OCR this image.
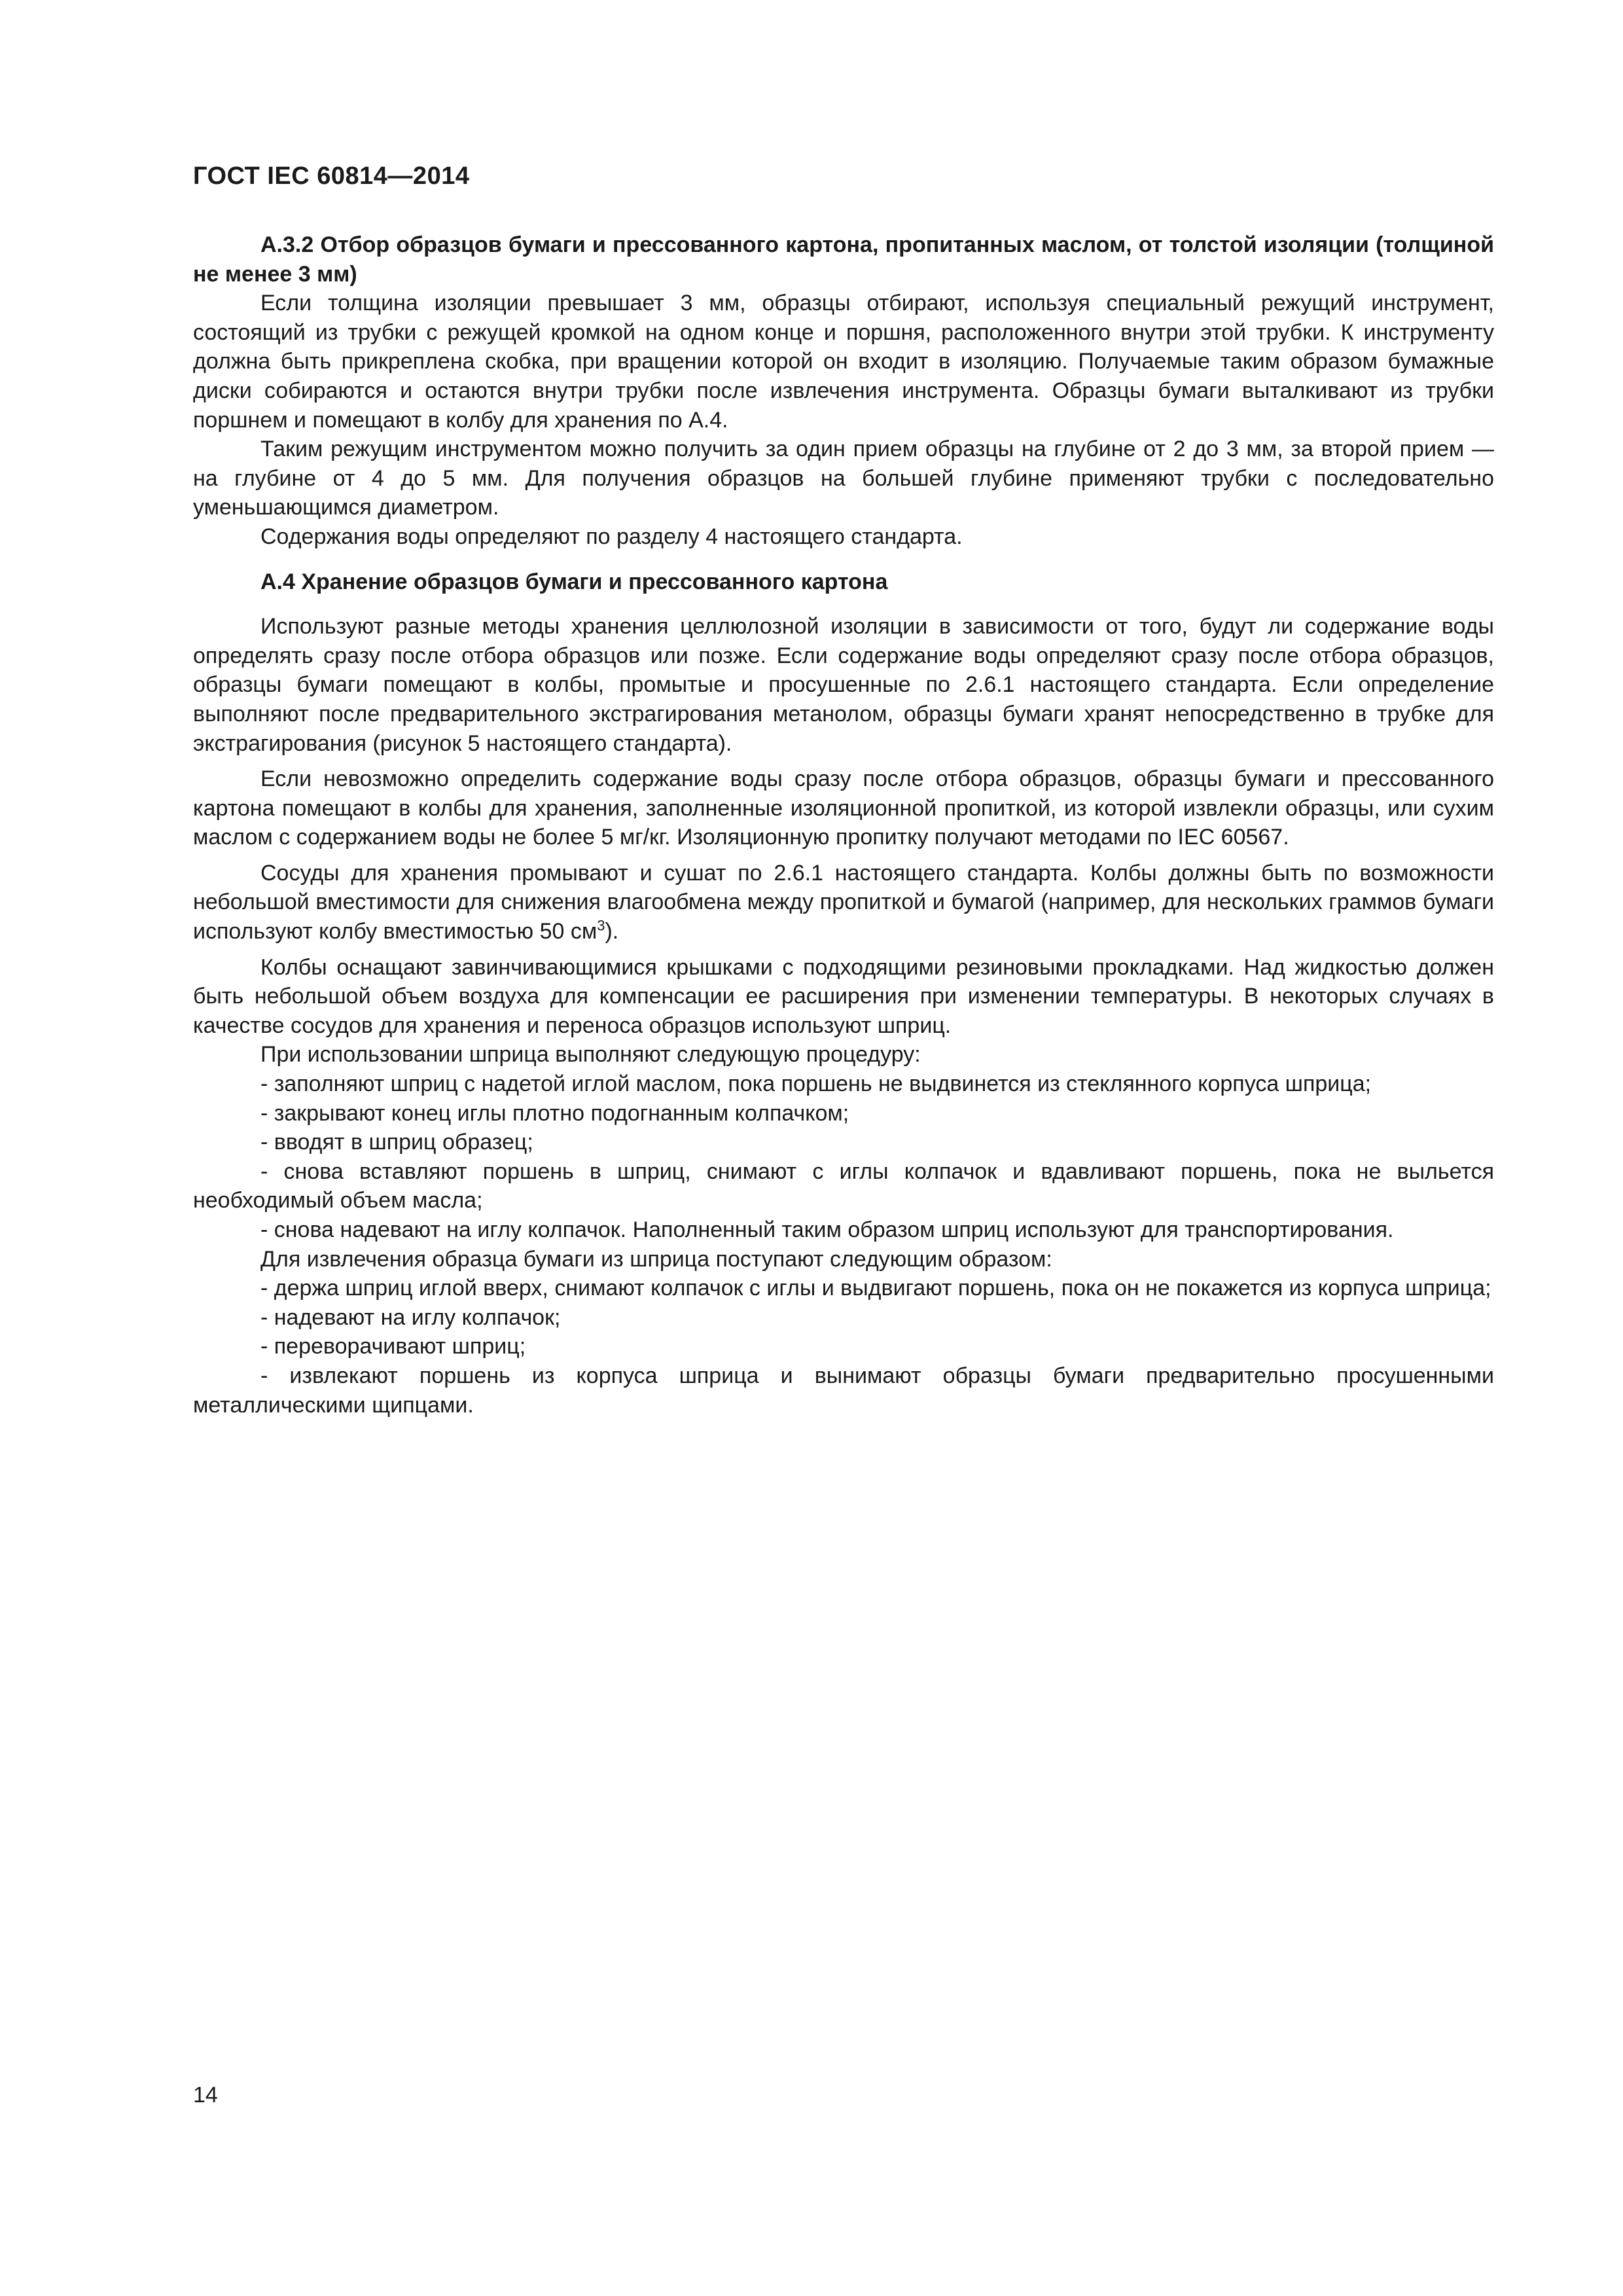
ГОСТ IEC 60814—2014

А.3.2 Отбор образцов бумаги и прессованного картона, пропитанных маслом, от толстой изоляции (толщиной не менее 3 мм)

Если толщина изоляции превышает 3 мм, образцы отбирают, используя специальный режущий инструмент, состоящий из трубки с режущей кромкой на одном конце и поршня, расположенного внутри этой трубки. К инструменту должна быть прикреплена скобка, при вращении которой он входит в изоляцию. Получаемые таким образом бумажные диски собираются и остаются внутри трубки после извлечения инструмента. Образцы бумаги выталкивают из трубки поршнем и помещают в колбу для хранения по А.4.

Таким режущим инструментом можно получить за один прием образцы на глубине от 2 до 3 мм, за второй прием — на глубине от 4 до 5 мм. Для получения образцов на большей глубине применяют трубки с последовательно уменьшающимся диаметром.

Содержания воды определяют по разделу 4 настоящего стандарта.

А.4 Хранение образцов бумаги и прессованного картона

Используют разные методы хранения целлюлозной изоляции в зависимости от того, будут ли содержание воды определять сразу после отбора образцов или позже. Если содержание воды определяют сразу после отбора образцов, образцы бумаги помещают в колбы, промытые и просушенные по 2.6.1 настоящего стандарта. Если определение выполняют после предварительного экстрагирования метанолом, образцы бумаги хранят непосредственно в трубке для экстрагирования (рисунок 5 настоящего стандарта).

Если невозможно определить содержание воды сразу после отбора образцов, образцы бумаги и прессованного картона помещают в колбы для хранения, заполненные изоляционной пропиткой, из которой извлекли образцы, или сухим маслом с содержанием воды не более 5 мг/кг. Изоляционную пропитку получают методами по IEC 60567.

Сосуды для хранения промывают и сушат по 2.6.1 настоящего стандарта. Колбы должны быть по возможности небольшой вместимости для снижения влагообмена между пропиткой и бумагой (например, для нескольких граммов бумаги используют колбу вместимостью 50 $см^3$).

Колбы оснащают завинчивающимися крышками с подходящими резиновыми прокладками. Над жидкостью должен быть небольшой объем воздуха для компенсации ее расширения при изменении температуры. В некоторых случаях в качестве сосудов для хранения и переноса образцов используют шприц.

При использовании шприца выполняют следующую процедуру:

- заполняют шприц с надетой иглой маслом, пока поршень не выдвинется из стеклянного корпуса шприца;

- закрывают конец иглы плотно подогнанным колпачком;

- вводят в шприц образец;

- снова вставляют поршень в шприц, снимают с иглы колпачок и вдавливают поршень, пока не выльется необходимый объем масла;

- снова надевают на иглу колпачок. Наполненный таким образом шприц используют для транспортирования.

Для извлечения образца бумаги из шприца поступают следующим образом:

- держа шприц иглой вверх, снимают колпачок с иглы и выдвигают поршень, пока он не покажется из корпуса шприца;

- надевают на иглу колпачок;

- переворачивают шприц;

- извлекают поршень из корпуса шприца и вынимают образцы бумаги предварительно просушенными металлическими щипцами.

14
